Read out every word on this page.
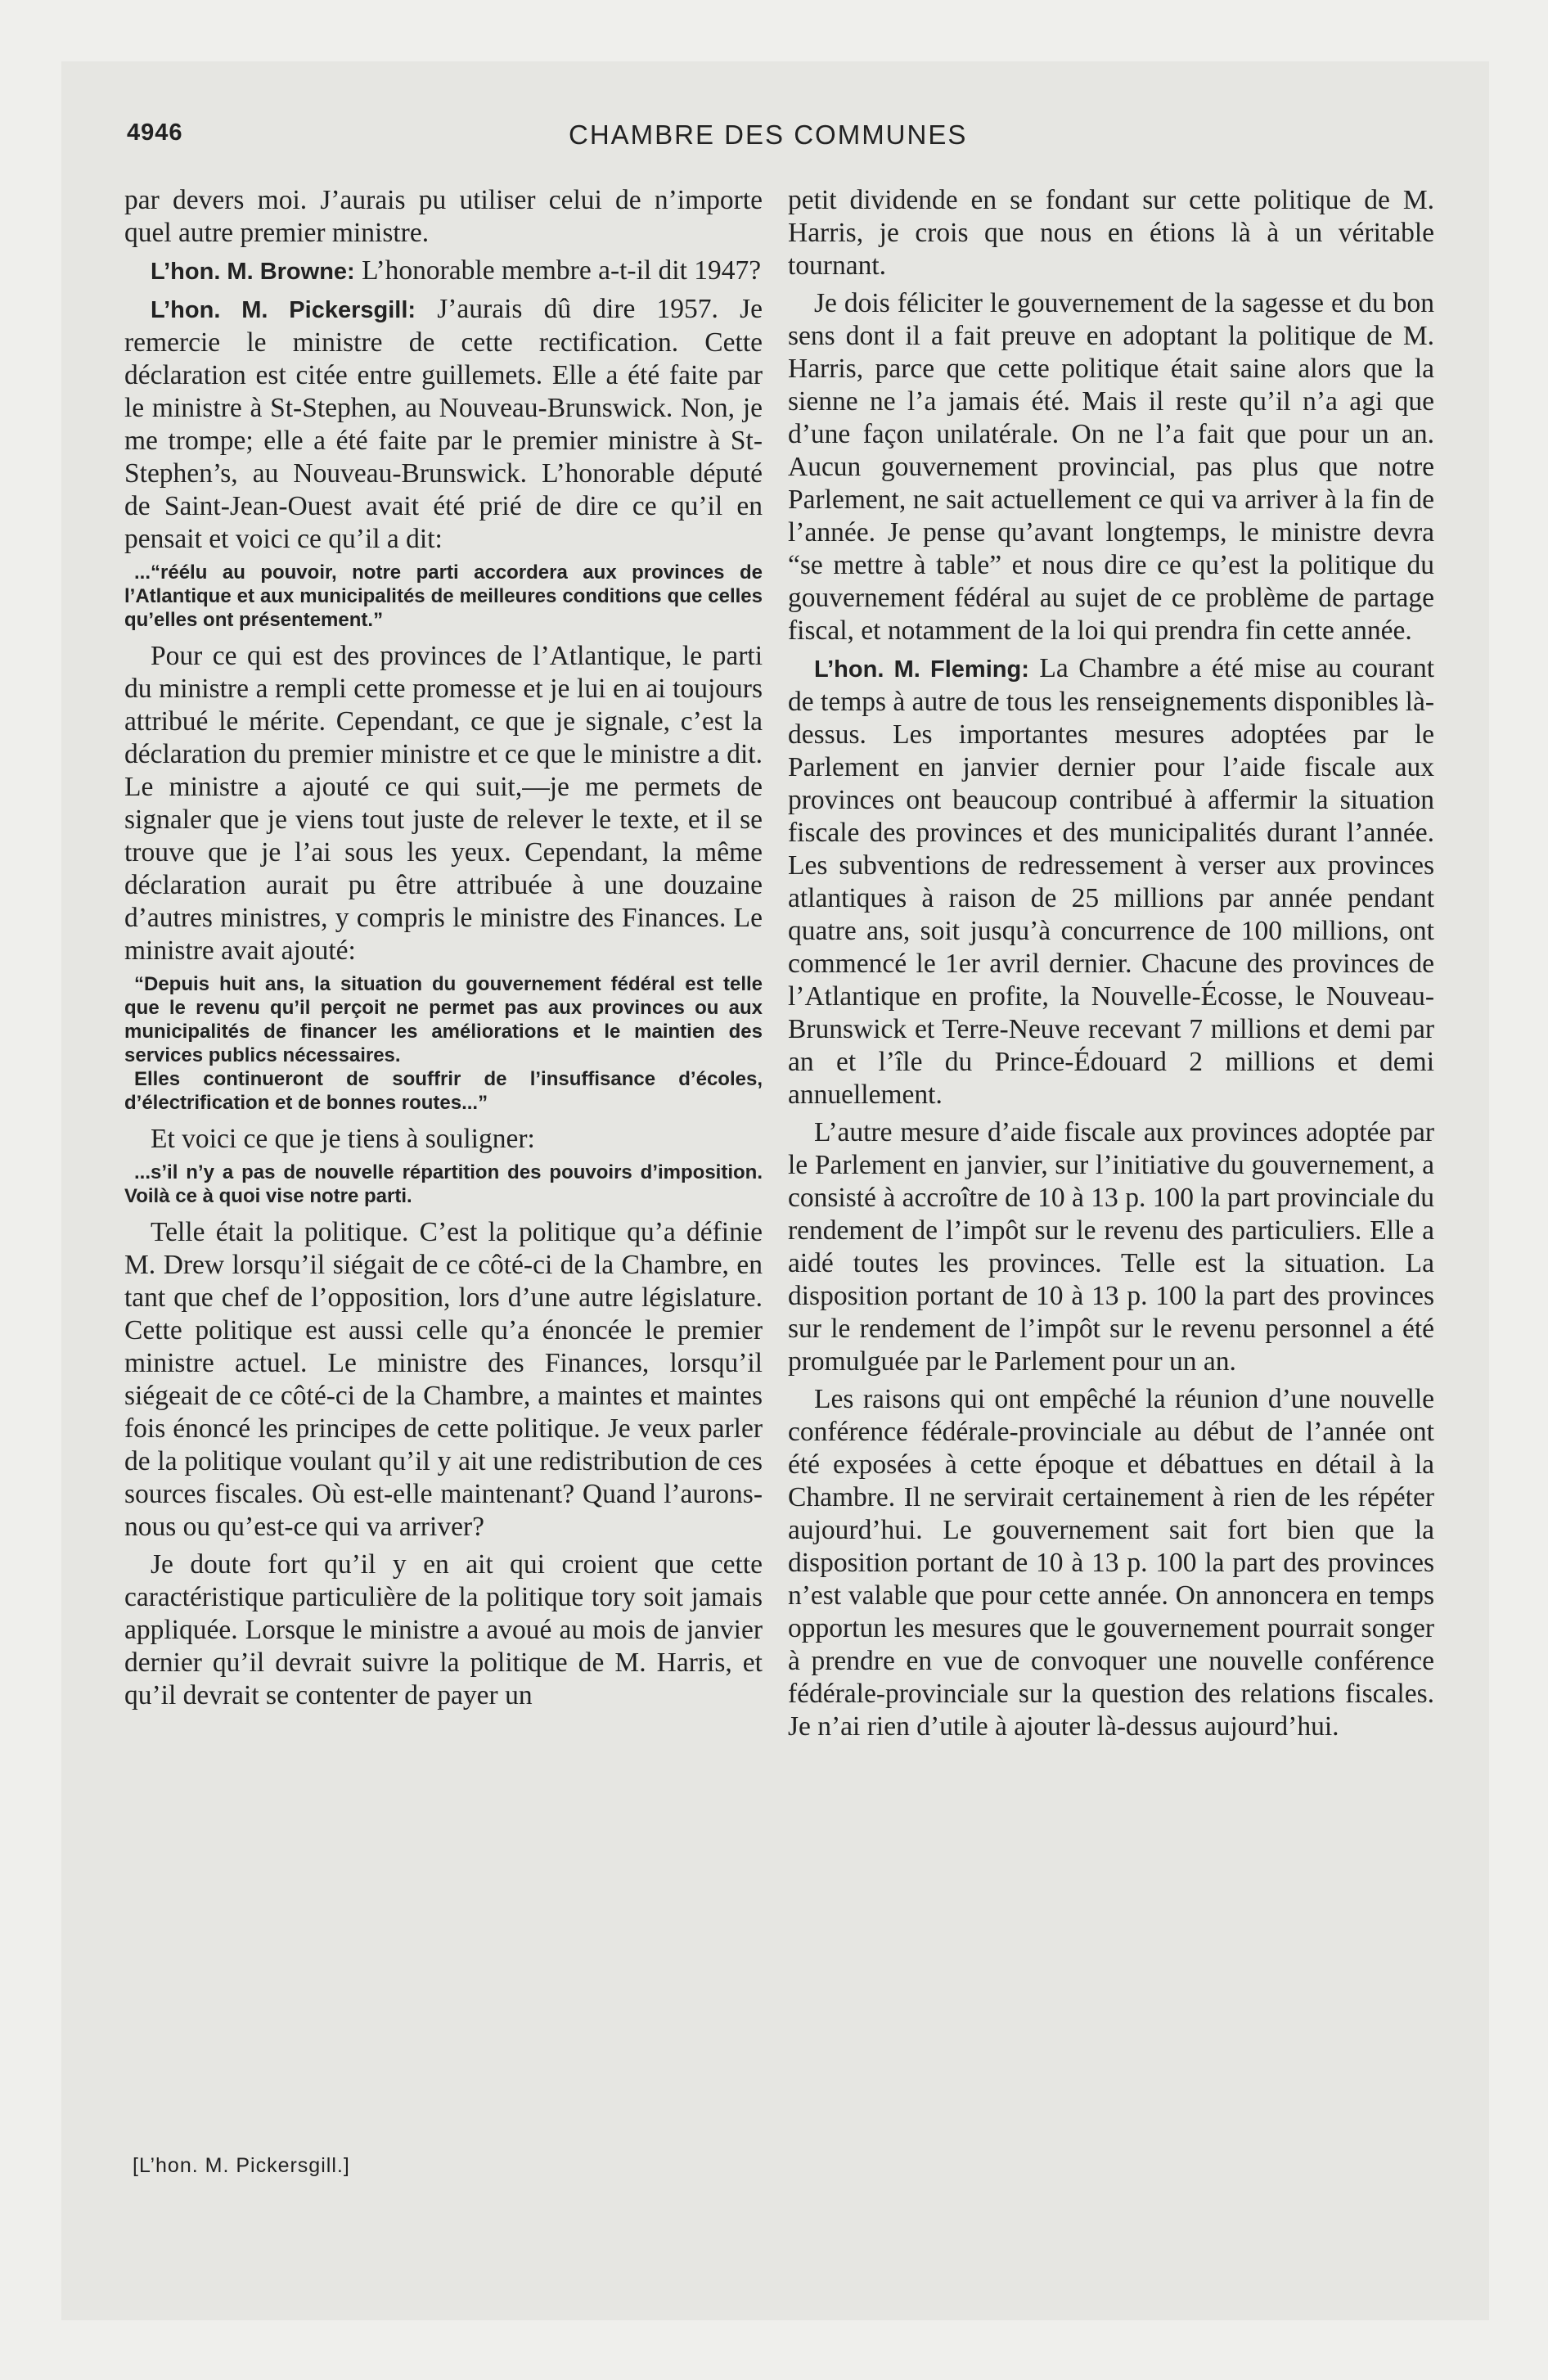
4946	CHAMBRE DES COMMUNES

par devers moi. J’aurais pu utiliser celui de n’importe quel autre premier ministre.

L’hon. M. Browne: L’honorable membre a-t-il dit 1947?

L’hon. M. Pickersgill: J’aurais dû dire 1957. Je remercie le ministre de cette rectification. Cette déclaration est citée entre guillemets. Elle a été faite par le ministre à St-Stephen, au Nouveau-Brunswick. Non, je me trompe; elle a été faite par le premier ministre à St-Stephen’s, au Nouveau-Brunswick. L’honorable député de Saint-Jean-Ouest avait été prié de dire ce qu’il en pensait et voici ce qu’il a dit:

...“réélu au pouvoir, notre parti accordera aux provinces de l’Atlantique et aux municipalités de meilleures conditions que celles qu’elles ont présentement.”

Pour ce qui est des provinces de l’Atlantique, le parti du ministre a rempli cette promesse et je lui en ai toujours attribué le mérite. Cependant, ce que je signale, c’est la déclaration du premier ministre et ce que le ministre a dit. Le ministre a ajouté ce qui suit,—je me permets de signaler que je viens tout juste de relever le texte, et il se trouve que je l’ai sous les yeux. Cependant, la même déclaration aurait pu être attribuée à une douzaine d’autres ministres, y compris le ministre des Finances. Le ministre avait ajouté:

“Depuis huit ans, la situation du gouvernement fédéral est telle que le revenu qu’il perçoit ne permet pas aux provinces ou aux municipalités de financer les améliorations et le maintien des services publics nécessaires.
Elles continueront de souffrir de l’insuffisance d’écoles, d’électrification et de bonnes routes...”

Et voici ce que je tiens à souligner:

...s’il n’y a pas de nouvelle répartition des pouvoirs d’imposition. Voilà ce à quoi vise notre parti.

Telle était la politique. C’est la politique qu’a définie M. Drew lorsqu’il siégait de ce côté-ci de la Chambre, en tant que chef de l’opposition, lors d’une autre législature. Cette politique est aussi celle qu’a énoncée le premier ministre actuel. Le ministre des Finances, lorsqu’il siégeait de ce côté-ci de la Chambre, a maintes et maintes fois énoncé les principes de cette politique. Je veux parler de la politique voulant qu’il y ait une redistribution de ces sources fiscales. Où est-elle maintenant? Quand l’aurons-nous ou qu’est-ce qui va arriver?

Je doute fort qu’il y en ait qui croient que cette caractéristique particulière de la politique tory soit jamais appliquée. Lorsque le ministre a avoué au mois de janvier dernier qu’il devrait suivre la politique de M. Harris, et qu’il devrait se contenter de payer un

petit dividende en se fondant sur cette politique de M. Harris, je crois que nous en étions là à un véritable tournant.

Je dois féliciter le gouvernement de la sagesse et du bon sens dont il a fait preuve en adoptant la politique de M. Harris, parce que cette politique était saine alors que la sienne ne l’a jamais été. Mais il reste qu’il n’a agi que d’une façon unilatérale. On ne l’a fait que pour un an. Aucun gouvernement provincial, pas plus que notre Parlement, ne sait actuellement ce qui va arriver à la fin de l’année. Je pense qu’avant longtemps, le ministre devra “se mettre à table” et nous dire ce qu’est la politique du gouvernement fédéral au sujet de ce problème de partage fiscal, et notamment de la loi qui prendra fin cette année.

L’hon. M. Fleming: La Chambre a été mise au courant de temps à autre de tous les renseignements disponibles là-dessus. Les importantes mesures adoptées par le Parlement en janvier dernier pour l’aide fiscale aux provinces ont beaucoup contribué à affermir la situation fiscale des provinces et des municipalités durant l’année. Les subventions de redressement à verser aux provinces atlantiques à raison de 25 millions par année pendant quatre ans, soit jusqu’à concurrence de 100 millions, ont commencé le 1er avril dernier. Chacune des provinces de l’Atlantique en profite, la Nouvelle-Écosse, le Nouveau-Brunswick et Terre-Neuve recevant 7 millions et demi par an et l’île du Prince-Édouard 2 millions et demi annuellement.

L’autre mesure d’aide fiscale aux provinces adoptée par le Parlement en janvier, sur l’initiative du gouvernement, a consisté à accroître de 10 à 13 p. 100 la part provinciale du rendement de l’impôt sur le revenu des particuliers. Elle a aidé toutes les provinces. Telle est la situation. La disposition portant de 10 à 13 p. 100 la part des provinces sur le rendement de l’impôt sur le revenu personnel a été promulguée par le Parlement pour un an.

Les raisons qui ont empêché la réunion d’une nouvelle conférence fédérale-provinciale au début de l’année ont été exposées à cette époque et débattues en détail à la Chambre. Il ne servirait certainement à rien de les répéter aujourd’hui. Le gouvernement sait fort bien que la disposition portant de 10 à 13 p. 100 la part des provinces n’est valable que pour cette année. On annoncera en temps opportun les mesures que le gouvernement pourrait songer à prendre en vue de convoquer une nouvelle conférence fédérale-provinciale sur la question des relations fiscales. Je n’ai rien d’utile à ajouter là-dessus aujourd’hui.

[L’hon. M. Pickersgill.]
